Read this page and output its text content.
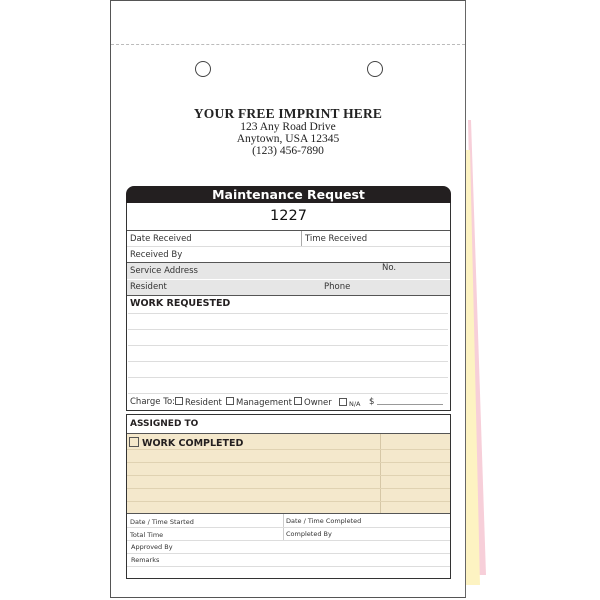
YOUR FREE IMPRINT HERE
123 Any Road Drive
Anytown, USA 12345
(123) 456-7890
Maintenance Request
1227
Date Received	Time Received
Received By
Service Address	No.
Resident	Phone
WORK REQUESTED
Charge To:	Resident	Management	Owner	N/A $
ASSIGNED TO
WORK COMPLETED
Date / Time Started	Date / Time Completed
Total Time	Completed By
Approved By
Remarks
